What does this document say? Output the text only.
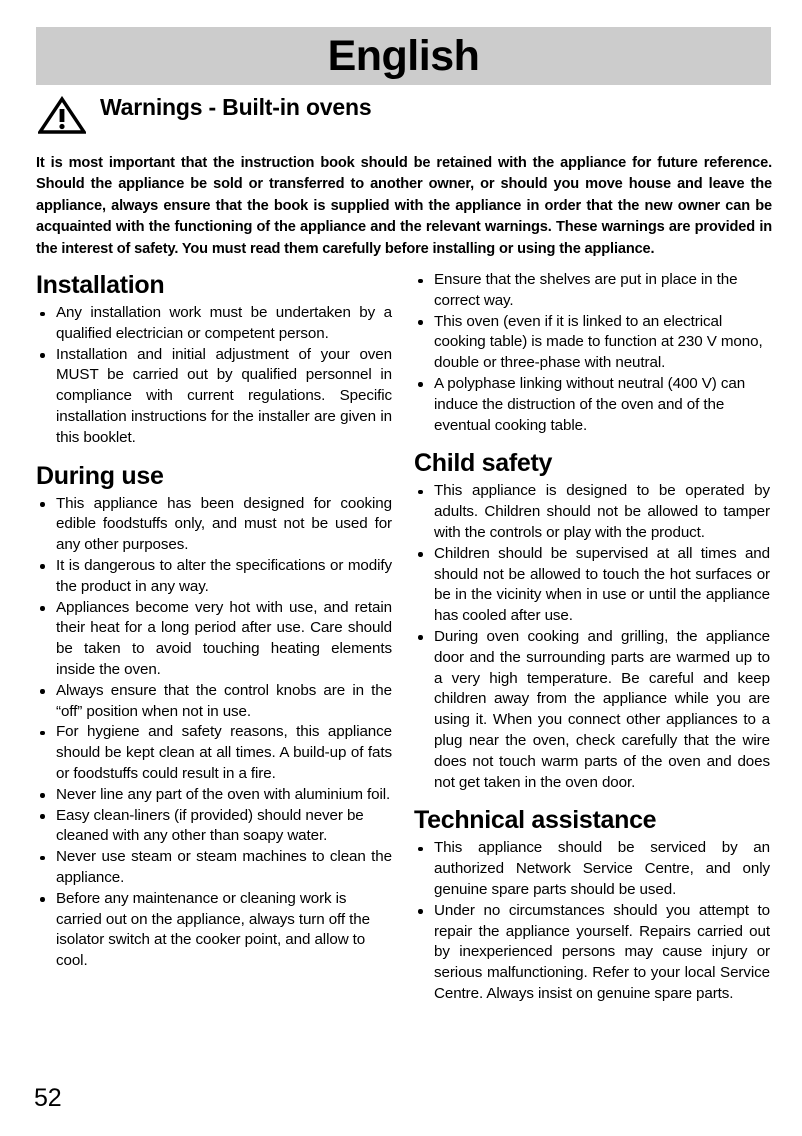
English
Warnings - Built-in ovens

It is most important that the instruction book should be retained with the appliance for future reference. Should the appliance be sold or transferred to another owner, or should you move house and leave the appliance, always ensure that the book is supplied with the appliance in order that the new owner can be acquainted with the functioning of the appliance and the relevant warnings. These warnings are provided in the interest of safety. You must read them carefully before installing or using the appliance.

Installation
Any installation work must be undertaken by a qualified electrician or competent person.
Installation and initial adjustment of your oven MUST be carried out by qualified personnel in compliance with current regulations. Specific installation instructions for the installer are given in this booklet.
During use
This appliance has been designed for cooking edible foodstuffs only, and must not be used for any other purposes.
It is dangerous to alter the specifications or modify the product in any way.
Appliances become very hot with use, and retain their heat for a long period after use. Care should be taken to avoid touching heating elements inside the oven.
Always ensure that the control knobs are in the “off” position when not in use.
For hygiene and safety reasons, this appliance should be kept clean at all times. A build-up of fats or foodstuffs could result in a fire.
Never line any part of the oven with aluminium foil.
Easy clean-liners (if provided) should never be cleaned with any other than soapy water.
Never use steam or steam machines to clean the appliance.
Before any maintenance or cleaning work is carried out on the appliance, always turn off the isolator switch at the cooker point, and allow to cool.
Ensure that the shelves are put in place in the correct way.
This oven (even if it is linked to an electrical cooking table) is made to function at 230 V mono, double or three-phase with neutral.
A polyphase linking without neutral (400 V) can induce the distruction of the oven and of the eventual cooking table.
Child safety
This appliance is designed to be operated by adults. Children should not be allowed to tamper with the controls or play with the product.
Children should be supervised at all times and should not be allowed to touch the hot surfaces or be in the vicinity when in use or until the appliance has cooled after use.
During oven cooking and grilling, the appliance door and the surrounding parts are warmed up to a very high temperature. Be careful and keep children away from the appliance while you are using it. When you connect other appliances to a plug near the oven, check carefully that the wire does not touch warm parts of the oven and does not get taken in the oven door.
Technical assistance
This appliance should be serviced by an authorized Network Service Centre, and only genuine spare parts should be used.
Under no circumstances should you attempt to repair the appliance yourself. Repairs carried out by inexperienced persons may cause injury or serious malfunctioning. Refer to your local Service Centre. Always insist on genuine spare parts.
52
